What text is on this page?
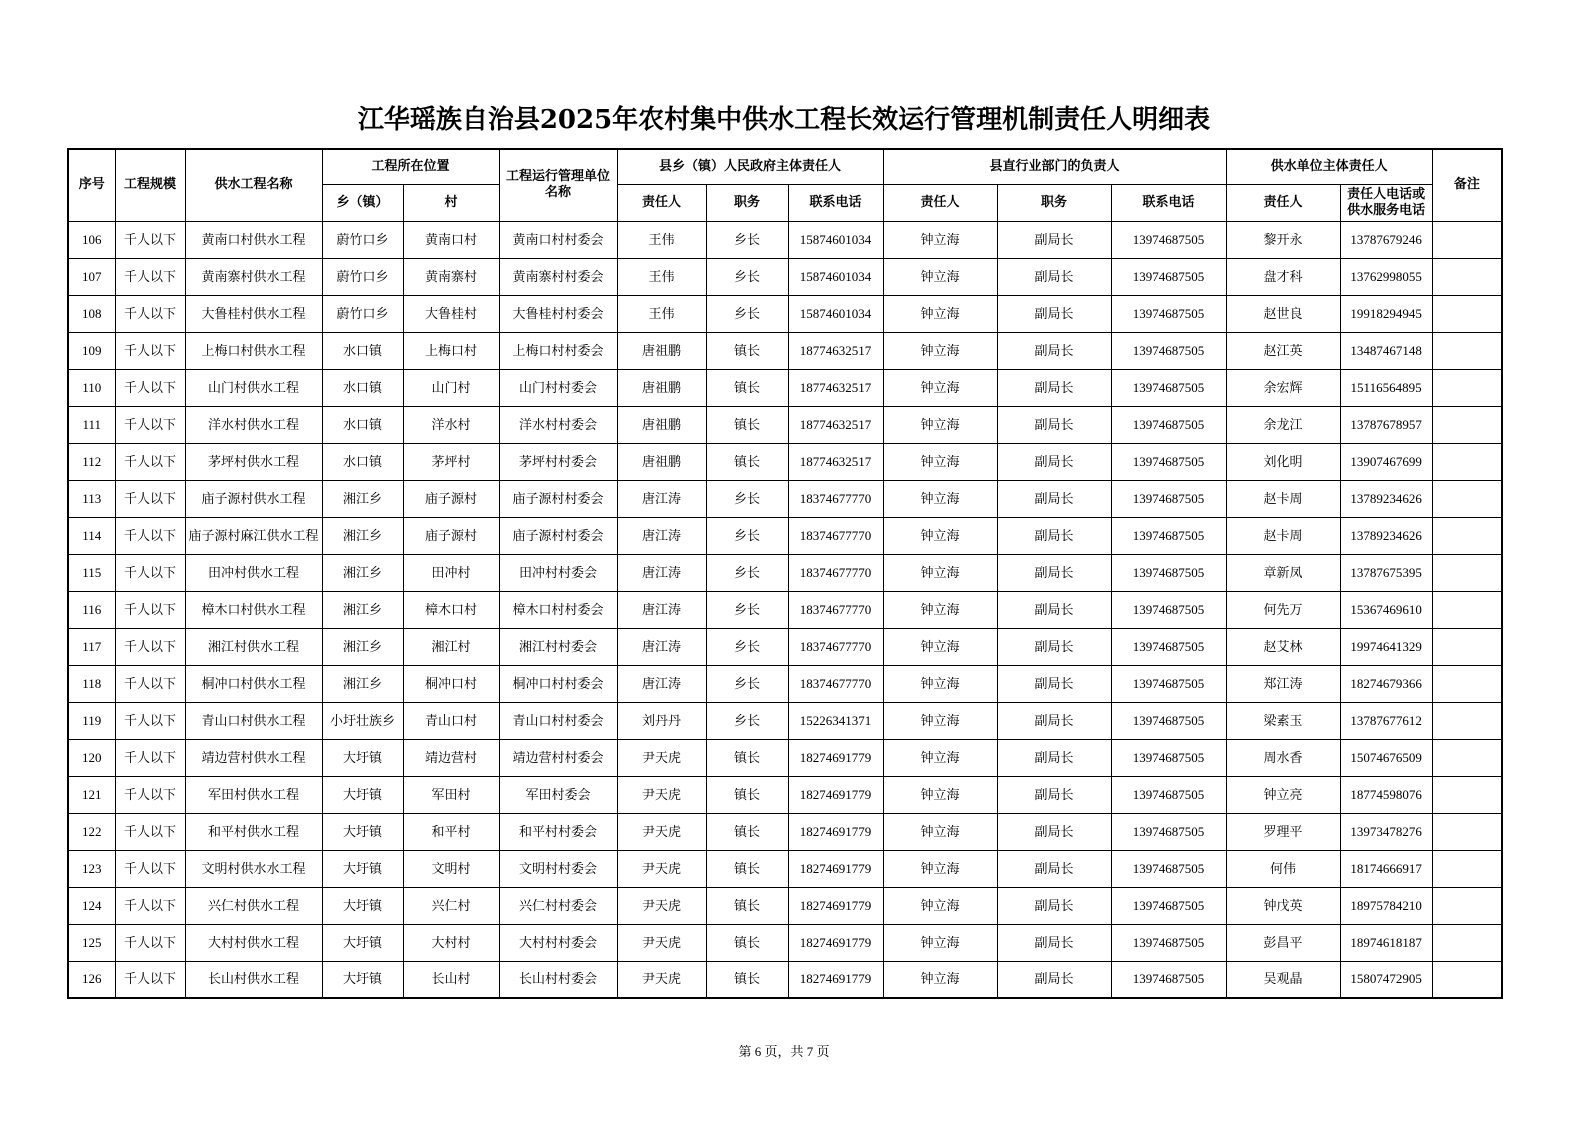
江华瑶族自治县2025年农村集中供水工程长效运行管理机制责任人明细表
序号	工程规模	供水工程名称	工程所在位置		工程运行管理单位
名称	县乡（镇）人民政府主体责任人			县直行业部门的负责人			供水单位主体责任人		备注
			乡（镇）	村		责任人	职务	联系电话	责任人	职务	联系电话	责任人	责任人电话或
供水服务电话	
106	千人以下	黄南口村供水工程	蔚竹口乡	黄南口村	黄南口村村委会	王伟	乡长	15874601034	钟立海	副局长	13974687505	黎开永	13787679246	
107	千人以下	黄南寨村供水工程	蔚竹口乡	黄南寨村	黄南寨村村委会	王伟	乡长	15874601034	钟立海	副局长	13974687505	盘才科	13762998055	
108	千人以下	大鲁桂村供水工程	蔚竹口乡	大鲁桂村	大鲁桂村村委会	王伟	乡长	15874601034	钟立海	副局长	13974687505	赵世良	19918294945	
109	千人以下	上梅口村供水工程	水口镇	上梅口村	上梅口村村委会	唐祖鹏	镇长	18774632517	钟立海	副局长	13974687505	赵江英	13487467148	
110	千人以下	山门村供水工程	水口镇	山门村	山门村村委会	唐祖鹏	镇长	18774632517	钟立海	副局长	13974687505	余宏辉	15116564895	
111	千人以下	洋水村供水工程	水口镇	洋水村	洋水村村委会	唐祖鹏	镇长	18774632517	钟立海	副局长	13974687505	余龙江	13787678957	
112	千人以下	茅坪村供水工程	水口镇	茅坪村	茅坪村村委会	唐祖鹏	镇长	18774632517	钟立海	副局长	13974687505	刘化明	13907467699	
113	千人以下	庙子源村供水工程	湘江乡	庙子源村	庙子源村村委会	唐江涛	乡长	18374677770	钟立海	副局长	13974687505	赵卡周	13789234626	
114	千人以下	庙子源村麻江供水工程	湘江乡	庙子源村	庙子源村村委会	唐江涛	乡长	18374677770	钟立海	副局长	13974687505	赵卡周	13789234626	
115	千人以下	田冲村供水工程	湘江乡	田冲村	田冲村村委会	唐江涛	乡长	18374677770	钟立海	副局长	13974687505	章新凤	13787675395	
116	千人以下	樟木口村供水工程	湘江乡	樟木口村	樟木口村村委会	唐江涛	乡长	18374677770	钟立海	副局长	13974687505	何先万	15367469610	
117	千人以下	湘江村供水工程	湘江乡	湘江村	湘江村村委会	唐江涛	乡长	18374677770	钟立海	副局长	13974687505	赵艾林	19974641329	
118	千人以下	桐冲口村供水工程	湘江乡	桐冲口村	桐冲口村村委会	唐江涛	乡长	18374677770	钟立海	副局长	13974687505	郑江涛	18274679366	
119	千人以下	青山口村供水工程	小圩壮族乡	青山口村	青山口村村委会	刘丹丹	乡长	15226341371	钟立海	副局长	13974687505	梁素玉	13787677612	
120	千人以下	靖边营村供水工程	大圩镇	靖边营村	靖边营村村委会	尹天虎	镇长	18274691779	钟立海	副局长	13974687505	周水香	15074676509	
121	千人以下	军田村供水工程	大圩镇	军田村	军田村委会	尹天虎	镇长	18274691779	钟立海	副局长	13974687505	钟立亮	18774598076	
122	千人以下	和平村供水工程	大圩镇	和平村	和平村村委会	尹天虎	镇长	18274691779	钟立海	副局长	13974687505	罗理平	13973478276	
123	千人以下	文明村供水水工程	大圩镇	文明村	文明村村委会	尹天虎	镇长	18274691779	钟立海	副局长	13974687505	何伟	18174666917	
124	千人以下	兴仁村供水工程	大圩镇	兴仁村	兴仁村村委会	尹天虎	镇长	18274691779	钟立海	副局长	13974687505	钟戊英	18975784210	
125	千人以下	大村村供水工程	大圩镇	大村村	大村村村委会	尹天虎	镇长	18274691779	钟立海	副局长	13974687505	彭昌平	18974618187	
126	千人以下	长山村供水工程	大圩镇	长山村	长山村村委会	尹天虎	镇长	18274691779	钟立海	副局长	13974687505	吴观晶	15807472905	
第 6 页，共 7 页
